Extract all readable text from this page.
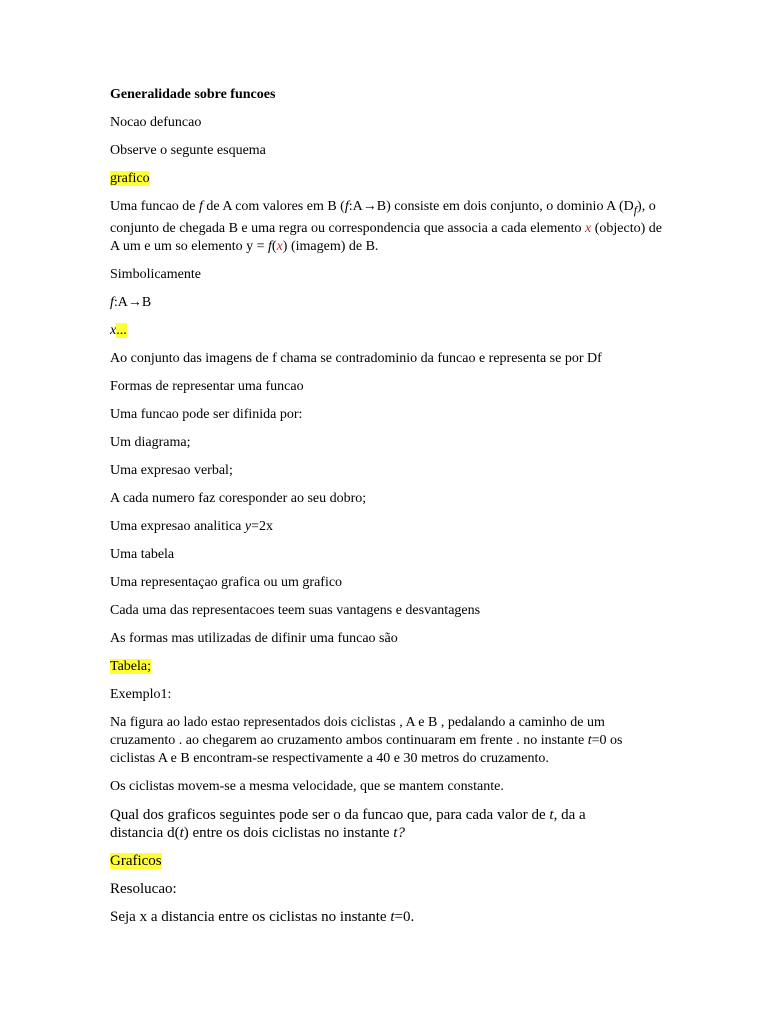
Generalidade sobre funcoes

Nocao defuncao

Observe o segunte esquema

grafico

Uma funcao de f de A com valores em B (f:A→B) consiste em dois conjunto, o dominio A $(D_f)$, o conjunto de chegada B e uma regra ou correspondencia que associa a cada elemento x (objecto) de A um e um so elemento y = f(x) (imagem) de B.

Simbolicamente

f:A→B

x...

Ao conjunto das imagens de f chama se contradominio da funcao e representa se por Df

Formas de representar uma funcao

Uma funcao pode ser difinida por:

Um diagrama;

Uma expresao verbal;

A cada numero faz coresponder ao seu dobro;

Uma expresao analitica y=2x

Uma tabela

Uma representaçao grafica ou um grafico

Cada uma das representacoes teem suas vantagens e desvantagens

As formas mas utilizadas de difinir uma funcao são

Tabela;

Exemplo1:

Na figura ao lado estao representados dois ciclistas , A e B , pedalando a caminho de um cruzamento . ao chegarem ao cruzamento ambos continuaram em frente . no instante t=0 os ciclistas A e B encontram-se respectivamente a 40 e 30 metros do cruzamento.

Os ciclistas movem-se a mesma velocidade, que se mantem constante.

Qual dos graficos seguintes pode ser o da funcao que, para cada valor de t, da a distancia d(t) entre os dois ciclistas no instante t?

Graficos

Resolucao:

Seja x a distancia entre os ciclistas no instante t=0.
